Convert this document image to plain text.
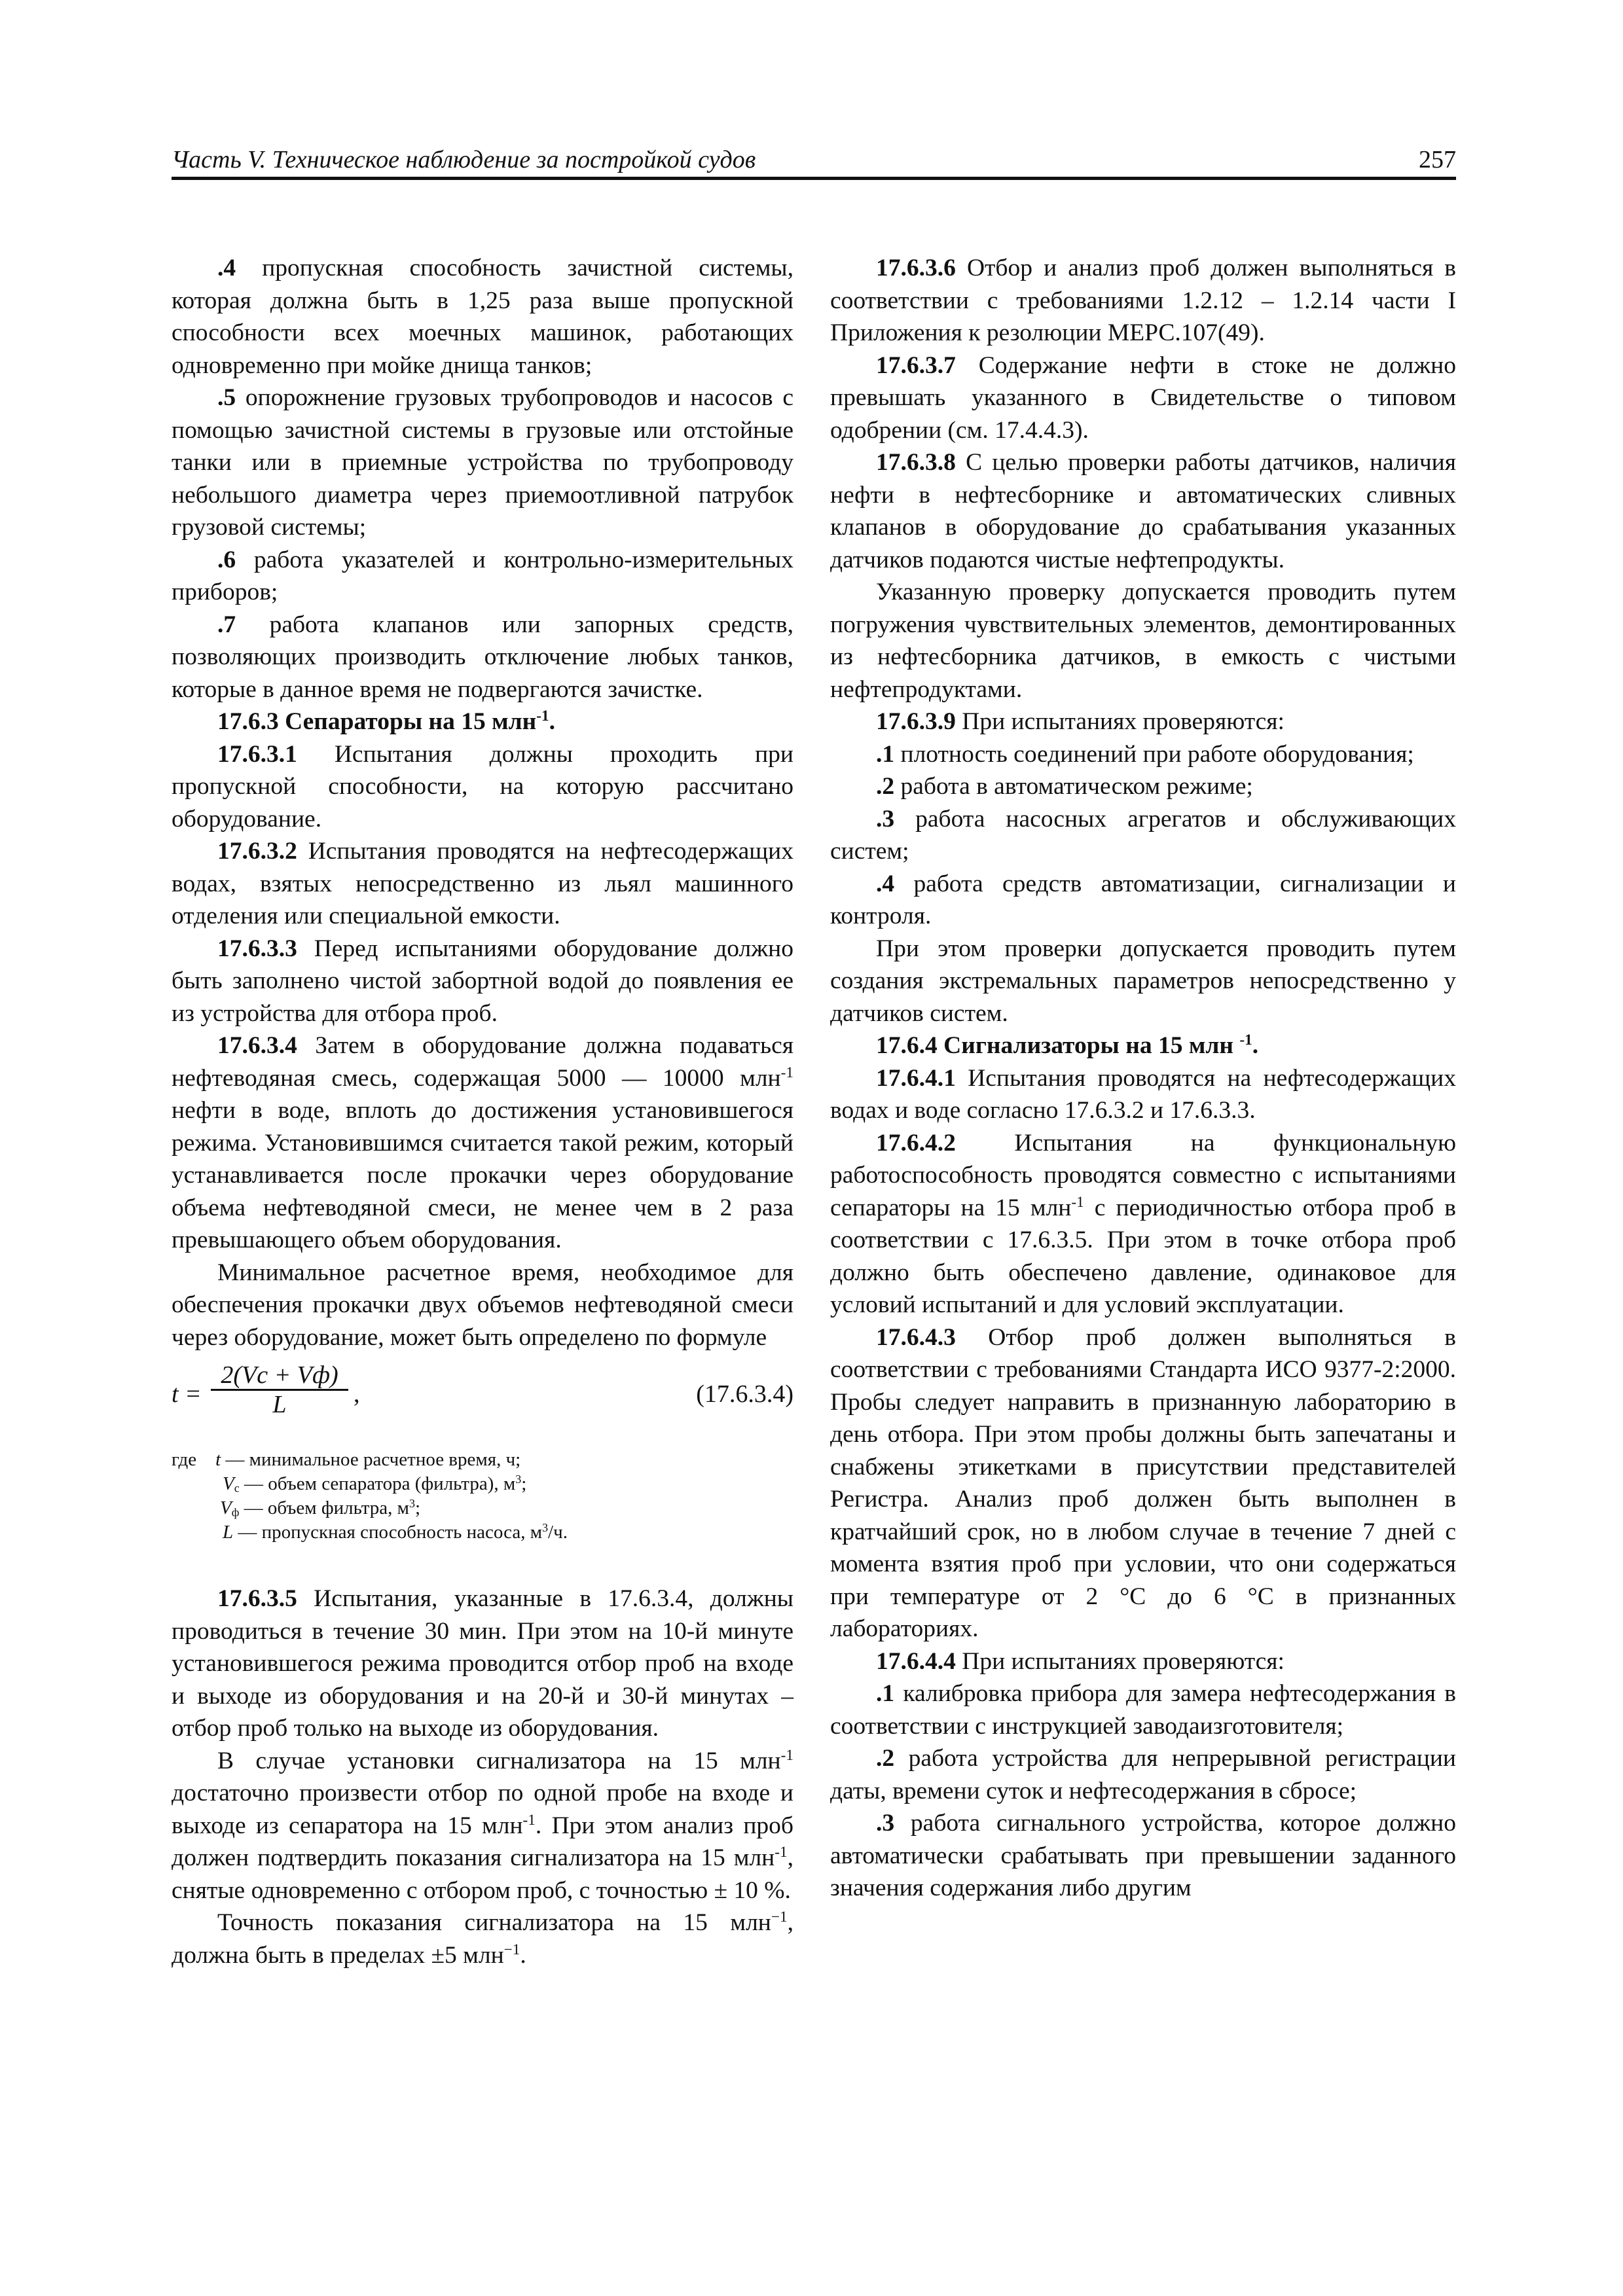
Часть V. Техническое наблюдение за постройкой судов	257

.4 пропускная способность зачистной системы, которая должна быть в 1,25 раза выше пропускной способности всех моечных машинок, работающих одновременно при мойке днища танков;

.5 опорожнение грузовых трубопроводов и насосов с помощью зачистной системы в грузовые или отстойные танки или в приемные устройства по трубопроводу небольшого диаметра через приемоотливной патрубок грузовой системы;

.6 работа указателей и контрольно-измерительных приборов;

.7 работа клапанов или запорных средств, позволяющих производить отключение любых танков, которые в данное время не подвергаются зачистке.

17.6.3 Сепараторы на 15 млн$^{-1}$.

17.6.3.1 Испытания должны проходить при пропускной способности, на которую рассчитано оборудование.

17.6.3.2 Испытания проводятся на нефтесодержащих водах, взятых непосредственно из льял машинного отделения или специальной емкости.

17.6.3.3 Перед испытаниями оборудование должно быть заполнено чистой забортной водой до появления ее из устройства для отбора проб.

17.6.3.4 Затем в оборудование должна подаваться нефтеводяная смесь, содержащая 5000 — 10000 млн$^{-1}$ нефти в воде, вплоть до достижения установившегося режима. Установившимся считается такой режим, который устанавливается после прокачки через оборудование объема нефтеводяной смеси, не менее чем в 2 раза превышающего объем оборудования.

Минимальное расчетное время, необходимое для обеспечения прокачки двух объемов нефтеводяной смеси через оборудование, может быть определено по формуле

t =
2(Vс + Vф)
L	,	(17.6.3.4)
где t — минимальное расчетное время, ч;
$V_с$ — объем сепаратора (фильтра), $м^3$;
$V_ф$ — объем фильтра, $м^3$;
L — пропускная способность насоса, $м^3/ч$.

17.6.3.5 Испытания, указанные в 17.6.3.4, должны проводиться в течение 30 мин. При этом на 10-й минуте установившегося режима проводится отбор проб на входе и выходе из оборудования и на 20-й и 30-й минутах – отбор проб только на выходе из оборудования.

В случае установки сигнализатора на 15 млн$^{-1}$ достаточно произвести отбор по одной пробе на входе и выходе из сепаратора на 15 млн$^{-1}$. При этом анализ проб должен подтвердить показания сигнализатора на 15 млн$^{-1}$, снятые одновременно с отбором проб, с точностью ± 10 %.

Точность показания сигнализатора на 15 млн$^{-1}$, должна быть в пределах ±5 млн$^{-1}$.

17.6.3.6 Отбор и анализ проб должен выполняться в соответствии с требованиями 1.2.12 – 1.2.14 части I Приложения к резолюции МЕРС.107(49).

17.6.3.7 Содержание нефти в стоке не должно превышать указанного в Свидетельстве о типовом одобрении (см. 17.4.4.3).

17.6.3.8 С целью проверки работы датчиков, наличия нефти в нефтесборнике и автоматических сливных клапанов в оборудование до срабатывания указанных датчиков подаются чистые нефтепродукты.

Указанную проверку допускается проводить путем погружения чувствительных элементов, демонтированных из нефтесборника датчиков, в емкость с чистыми нефтепродуктами.

17.6.3.9 При испытаниях проверяются:

.1 плотность соединений при работе оборудования;

.2 работа в автоматическом режиме;

.3 работа насосных агрегатов и обслуживающих систем;

.4 работа средств автоматизации, сигнализации и контроля.

При этом проверки допускается проводить путем создания экстремальных параметров непосредственно у датчиков систем.

17.6.4 Сигнализаторы на 15 млн $^{-1}$.

17.6.4.1 Испытания проводятся на нефтесодержащих водах и воде согласно 17.6.3.2 и 17.6.3.3.

17.6.4.2 Испытания на функциональную работоспособность проводятся совместно с испытаниями сепараторы на 15 млн$^{-1}$ с периодичностью отбора проб в соответствии с 17.6.3.5. При этом в точке отбора проб должно быть обеспечено давление, одинаковое для условий испытаний и для условий эксплуатации.

17.6.4.3 Отбор проб должен выполняться в соответствии с требованиями Стандарта ИСО 9377-2:2000. Пробы следует направить в признанную лабораторию в день отбора. При этом пробы должны быть запечатаны и снабжены этикетками в присутствии представителей Регистра. Анализ проб должен быть выполнен в кратчайший срок, но в любом случае в течение 7 дней с момента взятия проб при условии, что они содержаться при температуре от 2 °С до 6 °С в признанных лабораториях.

17.6.4.4 При испытаниях проверяются:

.1 калибровка прибора для замера нефтесодержания в соответствии с инструкцией заводаизготовителя;

.2 работа устройства для непрерывной регистрации даты, времени суток и нефтесодержания в сбросе;

.3 работа сигнального устройства, которое должно автоматически срабатывать при превышении заданного значения содержания либо другим
